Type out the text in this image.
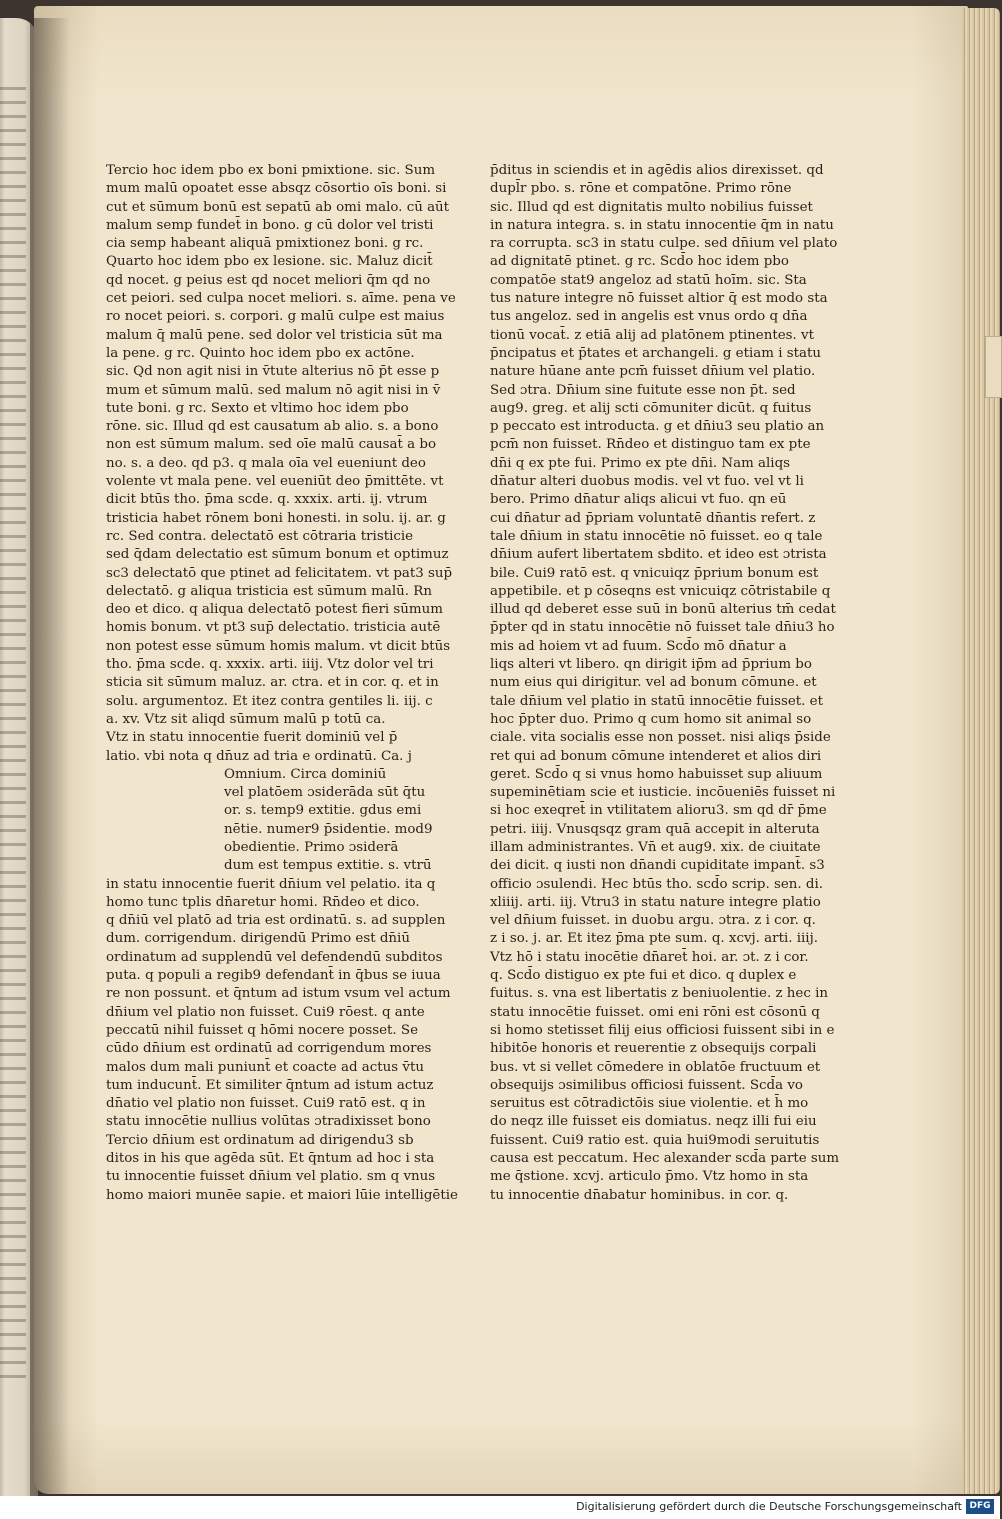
Tercio hoc idem pbo ex boni pmixtione. sic. Sum

mum malū opoatet esse absqz cōsortio oīs boni. si

cut et sūmum bonū est sepatū ab omi malo. cū aūt

malum semp fundet̄ in bono. g cū dolor vel tristi

cia semp habeant aliquā pmixtionez boni. g rc.

Quarto hoc idem pbo ex lesione. sic. Maluz dicit̄

qd nocet. g peius est qd nocet meliori q̄m qd no

cet peiori. sed culpa nocet meliori. s. aīme. pena ve

ro nocet peiori. s. corpori. g malū culpe est maius

malum q̄ malū pene. sed dolor vel tristicia sūt ma

la pene. g rc. Quinto hoc idem pbo ex actōne.

sic. Qd non agit nisi in v̄tute alterius nō p̄t esse p

mum et sūmum malū. sed malum nō agit nisi in v̄

tute boni. g rc. Sexto et vltimo hoc idem pbo

rōne. sic. Illud qd est causatum ab alio. s. a bono

non est sūmum malum. sed oīe malū causat̄ a bo

no. s. a deo. qd p3. q mala oīa vel eueniunt deo

volente vt mala pene. vel eueniūt deo p̄mittēte. vt

dicit btūs tho. p̄ma scde. q. xxxix. arti. ij. vtrum

tristicia habet rōnem boni honesti. in solu. ij. ar. g

rc. Sed contra. delectatō est cōtraria tristicie

sed q̄dam delectatio est sūmum bonum et optimuz

sc3 delectatō que ptinet ad felicitatem. vt pat3 sup̄

delectatō. g aliqua tristicia est sūmum malū. Rn

deo et dico. q aliqua delectatō potest fieri sūmum

homis bonum. vt pt3 sup̄ delectatio. tristicia autē

non potest esse sūmum homis malum. vt dicit btūs

tho. p̄ma scde. q. xxxix. arti. iiij. Vtz dolor vel tri

sticia sit sūmum maluz. ar. ctra. et in cor. q. et in

solu. argumentoz. Et itez contra gentiles li. iij. c

a. xv. Vtz sit aliqd sūmum malū p totū ca.

Vtz in statu innocentie fuerit dominiū vel p̄

latio. vbi nota q dn̄uz ad tria e ordinatū. Ca. j

Omnium. Circa dominiū

vel platōem ɔsiderāda sūt q̄tu

or. s. temp9 extitie. gdus emi

nētie. numer9 p̄sidentie. mod9

obedientie. Primo ɔsiderā

dum est tempus extitie. s. vtrū

in statu innocentie fuerit dn̄ium vel pelatio. ita q

homo tunc tplis dn̄aretur homi. Rn̄deo et dico.

q dn̄iū vel platō ad tria est ordinatū. s. ad supplen

dum. corrigendum. dirigendū Primo est dn̄iū

ordinatum ad supplendū vel defendendū subditos

puta. q populi a regib9 defendant̄ in q̄bus se iuua

re non possunt. et q̄ntum ad istum vsum vel actum

dn̄ium vel platio non fuisset. Cui9 rōest. q ante

peccatū nihil fuisset q hōmi nocere posset. Se

cūdo dn̄ium est ordinatū ad corrigendum mores

malos dum mali puniunt̄ et coacte ad actus v̄tu

tum inducunt̄. Et similiter q̄ntum ad istum actuz

dn̄atio vel platio non fuisset. Cui9 ratō est. q in

statu innocētie nullius volūtas ɔtradixisset bono

Tercio dn̄ium est ordinatum ad dirigendu3 sb

ditos in his que agēda sūt. Et q̄ntum ad hoc i sta

tu innocentie fuisset dn̄ium vel platio. sm q vnus

homo maiori munēe sapie. et maiori lūie intelligētie

p̄ditus in sciendis et in agēdis alios direxisset. qd

dupl̄r pbo. s. rōne et compatōne. Primo rōne

sic. Illud qd est dignitatis multo nobilius fuisset

in natura integra. s. in statu innocentie q̄m in natu

ra corrupta. sc3 in statu culpe. sed dn̄ium vel plato

ad dignitatē ptinet. g rc. Scd̄o hoc idem pbo

compatōe stat9 angeloz ad statū hoīm. sic. Sta

tus nature integre nō fuisset altior q̄ est modo sta

tus angeloz. sed in angelis est vnus ordo q dn̄a

tionū vocat̄. z etiā alij ad platōnem ptinentes. vt

p̄ncipatus et p̄tates et archangeli. g etiam i statu

nature hūane ante pcm̄ fuisset dn̄ium vel platio.

Sed ɔtra. Dn̄ium sine fuitute esse non p̄t. sed

aug9. greg. et alij scti cōmuniter dicūt. q fuitus

p peccato est introducta. g et dn̄iu3 seu platio an

pcm̄ non fuisset. Rn̄deo et distinguo tam ex pte

dn̄i q ex pte fui. Primo ex pte dn̄i. Nam aliqs

dn̄atur alteri duobus modis. vel vt fuo. vel vt li

bero. Primo dn̄atur aliqs alicui vt fuo. qn eū

cui dn̄atur ad p̄priam voluntatē dn̄antis refert. z

tale dn̄ium in statu innocētie nō fuisset. eo q tale

dn̄ium aufert libertatem sbdito. et ideo est ɔtrista

bile. Cui9 ratō est. q vnicuiqz p̄prium bonum est

appetibile. et p cōseqns est vnicuiqz cōtristabile q

illud qd deberet esse suū in bonū alterius tm̄ cedat

p̄pter qd in statu innocētie nō fuisset tale dn̄iu3 ho

mis ad hoiem vt ad fuum. Scd̄o mō dn̄atur a

liqs alteri vt libero. qn dirigit ip̄m ad p̄prium bo

num eius qui dirigitur. vel ad bonum cōmune. et

tale dn̄ium vel platio in statū innocētie fuisset. et

hoc p̄pter duo. Primo q cum homo sit animal so

ciale. vita socialis esse non posset. nisi aliqs p̄side

ret qui ad bonum cōmune intenderet et alios diri

geret. Scd̄o q si vnus homo habuisset sup aliuum

supeminētiam scie et iusticie. incōueniēs fuisset ni

si hoc exeqret̄ in vtilitatem alioru3. sm qd dr̄ p̄me

petri. iiij. Vnusqsqz gram quā accepit in alteruta

illam administrantes. Vn̄ et aug9. xix. de ciuitate

dei dicit. q iusti non dn̄andi cupiditate impant̄. s3

officio ɔsulendi. Hec btūs tho. scd̄o scrip. sen. di.

xliiij. arti. iij. Vtru3 in statu nature integre platio

vel dn̄ium fuisset. in duobu argu. ɔtra. z i cor. q.

z i so. j. ar. Et itez p̄ma pte sum. q. xcvj. arti. iiij.

Vtz hō i statu inocētie dn̄aret̄ hoi. ar. ɔt. z i cor.

q. Scd̄o distiguo ex pte fui et dico. q duplex e

fuitus. s. vna est libertatis z beniuolentie. z hec in

statu innocētie fuisset. omi eni rōni est cōsonū q

si homo stetisset filij eius officiosi fuissent sibi in e

hibitōe honoris et reuerentie z obsequijs corpali

bus. vt si vellet cōmedere in oblatōe fructuum et

obsequijs ɔsimilibus officiosi fuissent. Scd̄a vo

seruitus est cōtradictōis siue violentie. et h̄ mo

do neqz ille fuisset eis domiatus. neqz illi fui eiu

fuissent. Cui9 ratio est. quia hui9modi seruitutis

causa est peccatum. Hec alexander scd̄a parte sum

me q̄stione. xcvj. articulo p̄mo. Vtz homo in sta

tu innocentie dn̄abatur hominibus. in cor. q.

Digitalisierung gefördert durch die Deutsche Forschungsgemeinschaft DFG
